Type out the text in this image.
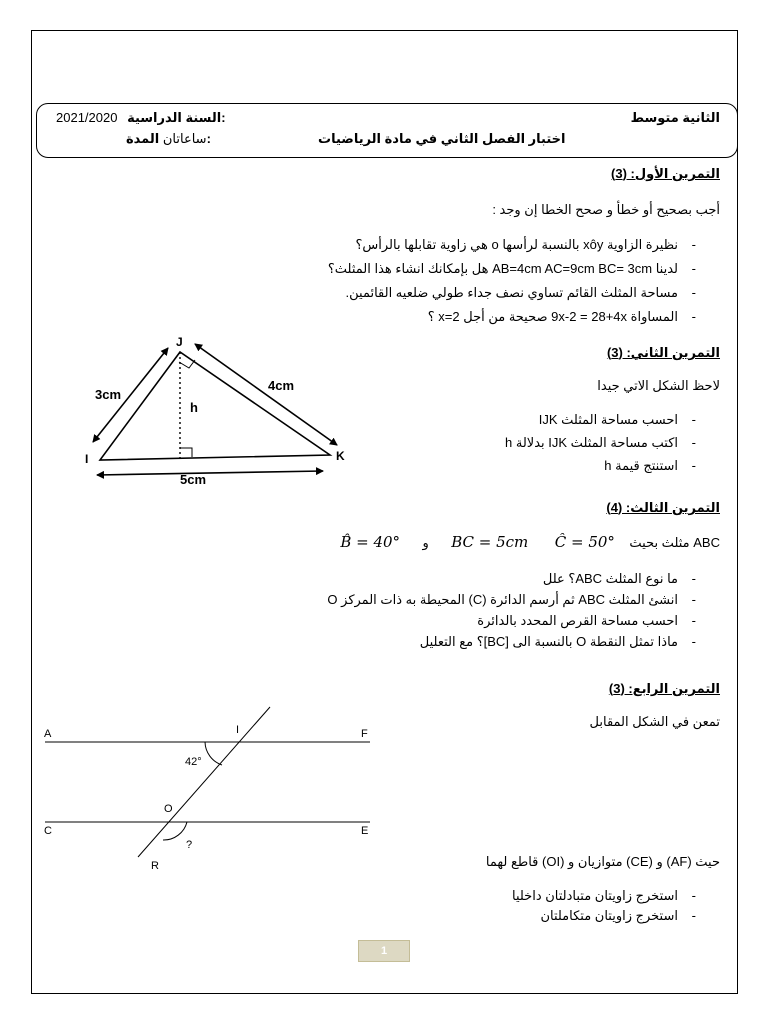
الثانية متوسط
2021/2020 السنة الدراسية:
اختبار الفصل الثاني في مادة الرياضيات
ساعاتان المدة:
التمرين الأول: (3)
أجب بصحيح أو خطأ و صحح الخطا إن وجد :
- نظيرة الزاوية xôy بالنسبة لرأسها o هي زاوية تقابلها بالرأس؟
- لدينا AB=4cm AC=9cm BC= 3cm هل بإمكانك انشاء هذا المثلث؟
- مساحة المثلث القائم تساوي نصف جداء طولي ضلعيه القائمين.
- المساواة 9x-2 = 28+4x صحيحة من أجل x=2 ؟
التمرين الثاني: (3)
لاحظ الشكل الاتي جيدا
- احسب مساحة المثلث IJK
- اكتب مساحة المثلث IJK بدلالة h
- استنتج قيمة h
J
I	K
3cm
4cm
5cm
h
التمرين الثالث: (4)
B̂ = 40° و BC = 5cm Ĉ = 50° ABC مثلث بحيث
- ما نوع المثلث ABC؟ علل
- انشئ المثلث ABC ثم أرسم الدائرة (C) المحيطة به ذات المركز O
- احسب مساحة القرص المحدد بالدائرة
- ماذا تمثل النقطة O بالنسبة الى [BC]؟ مع التعليل
التمرين الرابع: (3)
تمعن في الشكل المقابل
حيث (AF) و (CE) متوازيان و (OI) قاطع لهما
- استخرج زاويتان متبادلتان داخليا
- استخرج زاويتان متكاملتان
A	F
I
C	E
O
R
42°
?
1
